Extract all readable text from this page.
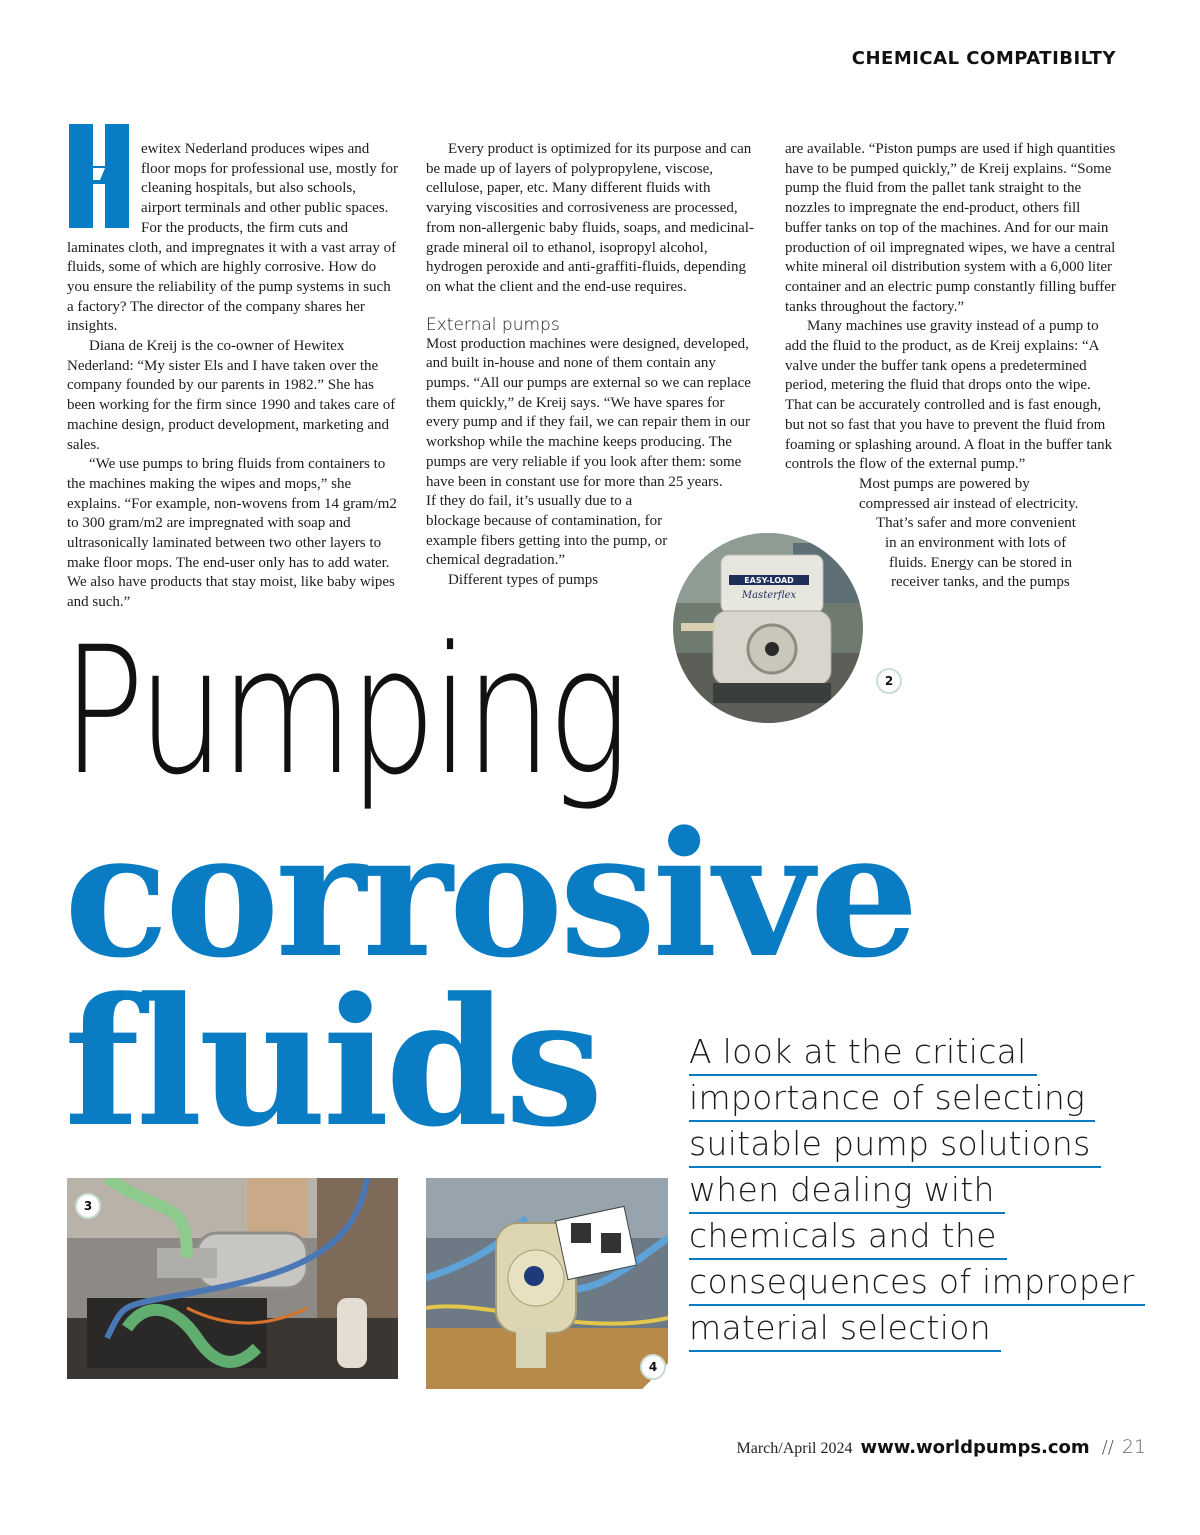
CHEMICAL COMPATIBILTY

ewitex Nederland produces wipes and floor mops for professional use, mostly for cleaning hospitals, but also schools, airport terminals and other public spaces. For the products, the firm cuts and laminates cloth, and impregnates it with a vast array of fluids, some of which are highly corrosive. How do you ensure the reliability of the pump systems in such a factory? The director of the company shares her insights.

Diana de Kreij is the co-owner of Hewitex Nederland: “My sister Els and I have taken over the company founded by our parents in 1982.” She has been working for the firm since 1990 and takes care of machine design, product development, marketing and sales.

“We use pumps to bring fluids from containers to the machines making the wipes and mops,” she explains. “For example, non-wovens from 14 gram/m2 to 300 gram/m2 are impregnated with soap and ultrasonically laminated between two other layers to make floor mops. The end-user only has to add water. We also have products that stay moist, like baby wipes and such.”

Every product is optimized for its purpose and can be made up of layers of polypropylene, viscose, cellulose, paper, etc. Many different fluids with varying viscosities and corrosiveness are processed, from non-allergenic baby fluids, soaps, and medicinal-grade mineral oil to ethanol, isopropyl alcohol, hydrogen peroxide and anti-graffiti-fluids, depending on what the client and the end-use requires.

External pumps

Most production machines were designed, developed, and built in-house and none of them contain any pumps. “All our pumps are external so we can replace them quickly,” de Kreij says. “We have spares for every pump and if they fail, we can repair them in our workshop while the machine keeps producing. The pumps are very reliable if you look after them: some have been in constant use for more than 25 years.

If they do fail, it’s usually due to a blockage because of contamination, for example fibers getting into the pump, or chemical degradation.”

Different types of pumps

are available. “Piston pumps are used if high quantities have to be pumped quickly,” de Kreij explains. “Some pump the fluid from the pallet tank straight to the nozzles to impregnate the end-product, others fill buffer tanks on top of the machines. And for our main production of oil impregnated wipes, we have a central white mineral oil distribution system with a 6,000 liter container and an electric pump constantly filling buffer tanks throughout the factory.”

Many machines use gravity instead of a pump to add the fluid to the product, as de Kreij explains: “A valve under the buffer tank opens a predetermined period, metering the fluid that drops onto the wipe. That can be accurately controlled and is fast enough, but not so fast that you have to prevent the fluid from foaming or splashing around. A float in the buffer tank controls the flow of the external pump.”

Most pumps are powered by
compressed air instead of electricity.
That’s safer and more convenient
in an environment with lots of
fluids. Energy can be stored in
receiver tanks, and the pumps
EASY-LOAD
Masterflex
2
Pumping
corrosive
fluids	A look at the critical
importance of selecting
suitable pump solutions
when dealing with
chemicals and the
consequences of improper
material selection
3
4
March/April 2024 www.worldpumps.com // 21
